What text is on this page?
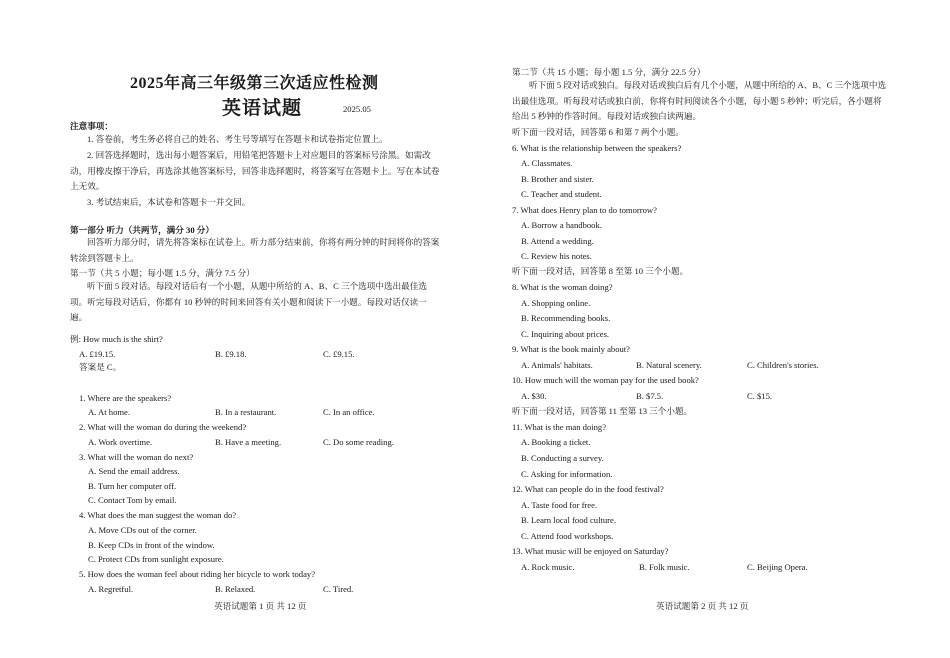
2025年高三年级第三次适应性检测
英语试题	2025.05
注意事项：
1. 答卷前，考生务必将自己的姓名、考生号等填写在答题卡和试卷指定位置上。
2. 回答选择题时，选出每小题答案后，用铅笔把答题卡上对应题目的答案标号涂黑。如需改动，用橡皮擦干净后，再选涂其他答案标号，回答非选择题时，将答案写在答题卡上。写在本试卷上无效。
3. 考试结束后，本试卷和答题卡一并交回。
第一部分 听力（共两节，满分 30 分）
回答听力部分时，请先将答案标在试卷上。听力部分结束前，你将有两分钟的时间将你的答案转涂到答题卡上。
第一节（共 5 小题；每小题 1.5 分，满分 7.5 分）
听下面 5 段对话。每段对话后有一个小题，从题中所给的 A、B、C 三个选项中选出最佳选项。听完每段对话后，你都有 10 秒钟的时间来回答有关小题和阅读下一小题。每段对话仅读一遍。
例: How much is the shirt?
A. £19.15.	B. £9.18.	C. £9.15.
答案是 C。
1. Where are the speakers?
A. At home.	B. In a restaurant.	C. In an office.
2. What will the woman do during the weekend?
A. Work overtime.	B. Have a meeting.	C. Do some reading.
3. What will the woman do next?
A. Send the email address.
B. Turn her computer off.
C. Contact Tom by email.
4. What does the man suggest the woman do?
A. Move CDs out of the corner.
B. Keep CDs in front of the window.
C. Protect CDs from sunlight exposure.
5. How does the woman feel about riding her bicycle to work today?
A. Regretful.	B. Relaxed.	C. Tired.
英语试题第 1 页 共 12 页
第二节（共 15 小题；每小题 1.5 分，满分 22.5 分）
听下面 5 段对话或独白。每段对话或独白后有几个小题，从题中所给的 A、B、C 三个选项中选出最佳选项。听每段对话或独白前，你将有时间阅读各个小题，每小题 5 秒钟；听完后，各小题将给出 5 秒钟的作答时间。每段对话或独白读两遍。
听下面一段对话，回答第 6 和第 7 两个小题。
6. What is the relationship between the speakers?
A. Classmates.
B. Brother and sister.
C. Teacher and student.
7. What does Henry plan to do tomorrow?
A. Borrow a handbook.
B. Attend a wedding.
C. Review his notes.
听下面一段对话，回答第 8 至第 10 三个小题。
8. What is the woman doing?
A. Shopping online.
B. Recommending books.
C. Inquiring about prices.
9. What is the book mainly about?
A. Animals' habitats.	B. Natural scenery.	C. Children's stories.
10. How much will the woman pay for the used book?
A. $30.	B. $7.5.	C. $15.
听下面一段对话，回答第 11 至第 13 三个小题。
11. What is the man doing?
A. Booking a ticket.
B. Conducting a survey.
C. Asking for information.
12. What can people do in the food festival?
A. Taste food for free.
B. Learn local food culture.
C. Attend food workshops.
13. What music will be enjoyed on Saturday?
A. Rock music.	B. Folk music.	C. Beijing Opera.
英语试题第 2 页 共 12 页
